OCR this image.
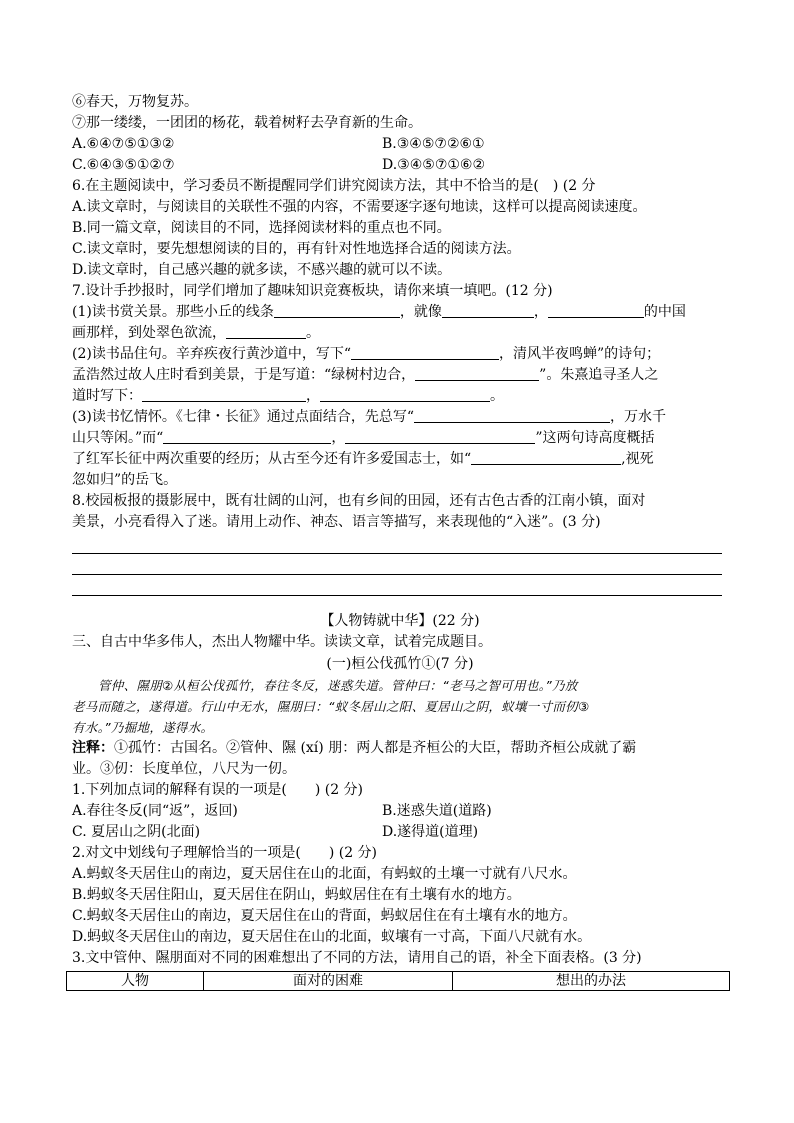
⑥春天，万物复苏。
⑦那一缕缕，一团团的杨花，载着树籽去孕育新的生命。
A.⑥④⑦⑤①③②	B.③④⑤⑦②⑥①
C.⑥④③⑤①②⑦	D.③④⑤⑦①⑥②
6.在主题阅读中，学习委员不断提醒同学们讲究阅读方法，其中不恰当的是(　) (2 分
A.读文章时，与阅读目的关联性不强的内容，不需要逐字逐句地读，这样可以提高阅读速度。
B.同一篇文章，阅读目的不同，选择阅读材料的重点也不同。
C.读文章时，要先想想阅读的目的，再有针对性地选择合适的阅读方法。
D.读文章时，自己感兴趣的就多读，不感兴趣的就可以不读。
7.设计手抄报时，同学们增加了趣味知识竞赛板块，请你来填一填吧。(12 分)
(1)读书赏关景。那些小丘的线条	，就像	，	的中国
画那样，到处翠色欲流，	。
(2)读书品住句。辛弃疾夜行黄沙道中，写下“	，清风半夜鸣蝉”的诗句；
孟浩然过故人庄时看到美景，于是写道：“绿树村边合，	”。朱熹追寻圣人之
道时写下：	，	。
(3)读书忆情怀。《七律・长征》通过点面结合，先总写“	，万水千
山只等闲。”而“	，	”这两句诗高度概括
了红军长征中两次重要的经历；从古至今还有许多爱国志士，如“	,视死
忽如归”的岳飞。
8.校园板报的摄影展中，既有壮阔的山河，也有乡间的田园，还有古色古香的江南小镇，面对
美景，小亮看得入了迷。请用上动作、神态、语言等描写，来表现他的“入迷”。(3 分)
【人物铸就中华】(22 分)
三、自古中华多伟人，杰出人物耀中华。读读文章，试着完成题目。
(一)桓公伐孤竹①(7 分)
管仲、隰朋②从桓公伐孤竹，春往冬反，迷惑失道。管仲曰：“老马之智可用也。”乃放
老马而随之，遂得道。行山中无水，隰朋曰：“蚁冬居山之阳、夏居山之阴，蚁壤一寸而仞③
有水。”乃掘地，遂得水。
注释：①孤竹：古国名。②管仲、隰 (xí) 朋：两人都是齐桓公的大臣，帮助齐桓公成就了霸
业。③仞：长度单位，八尺为一仞。
1.下列加点词的解释有误的一项是(　　) (2 分)
A.春往冬反(同“返”，返回)	B.迷惑失道(道路)
C. 夏居山之阴(北面)	D.遂得道(道理)
2.对文中划线句子理解恰当的一项是(　　) (2 分)
A.蚂蚁冬天居住山的南边，夏天居住在山的北面，有蚂蚁的土壤一寸就有八尺水。
B.蚂蚁冬天居住阳山，夏天居住在阴山，蚂蚁居住在有土壤有水的地方。
C.蚂蚁冬天居住山的南边，夏天居住在山的背面，蚂蚁居住在有土壤有水的地方。
D.蚂蚁冬天居住山的南边，夏天居住在山的北面，蚁壤有一寸高，下面八尺就有水。
3.文中管仲、隰朋面对不同的困难想出了不同的方法，请用自己的语，补全下面表格。(3 分)
人物	面对的困难	想出的办法
